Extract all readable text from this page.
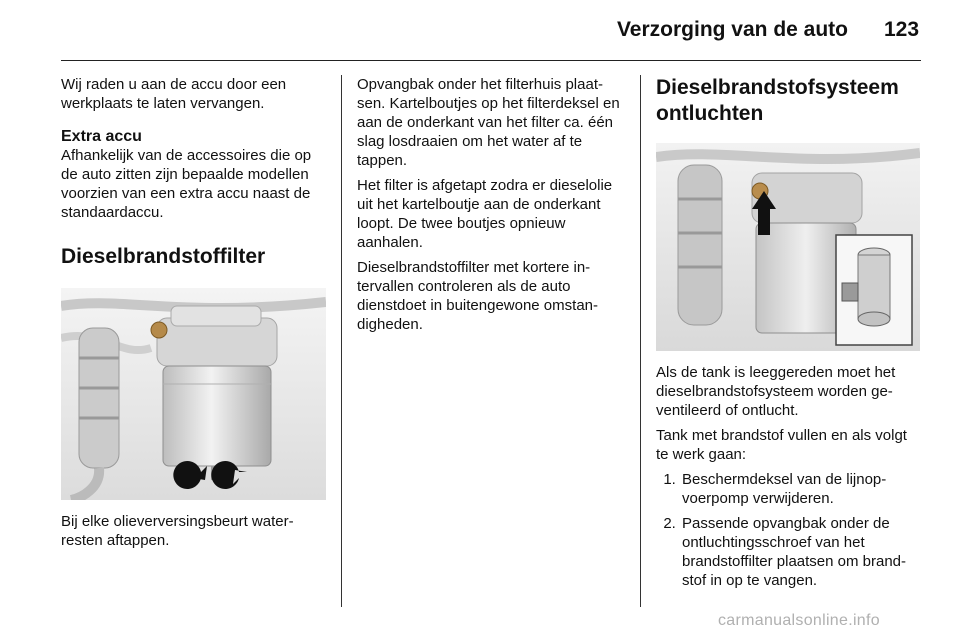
Verzorging van de auto 123

Wij raden u aan de accu door een werkplaats te laten vervangen.

Extra accu

Afhankelijk van de accessoires die op de auto zitten zijn bepaalde modellen voorzien van een extra accu naast de standaardaccu.

Dieselbrandstoffilter

Bij elke olieverversingsbeurt waterresten aftappen.

Opvangbak onder het filterhuis plaatsen. Kartelboutjes op het filterdeksel en aan de onderkant van het filter ca. één slag losdraaien om het water af te tappen.

Het filter is afgetapt zodra er dieselolie uit het kartelboutje aan de onderkant loopt. De twee boutjes opnieuw aanhalen.

Dieselbrandstoffilter met kortere intervallen controleren als de auto dienstdoet in buitengewone omstandigheden.

Dieselbrandstofsysteem ontluchten

Als de tank is leeggereden moet het dieselbrandstofsysteem worden geventileerd of ontlucht.

Tank met brandstof vullen en als volgt te werk gaan:

1. Beschermdeksel van de lijnopvoerpomp verwijderen.
2. Passende opvangbak onder de ontluchtingsschroef van het brandstoffilter plaatsen om brandstof in op te vangen.
carmanualsonline.info
